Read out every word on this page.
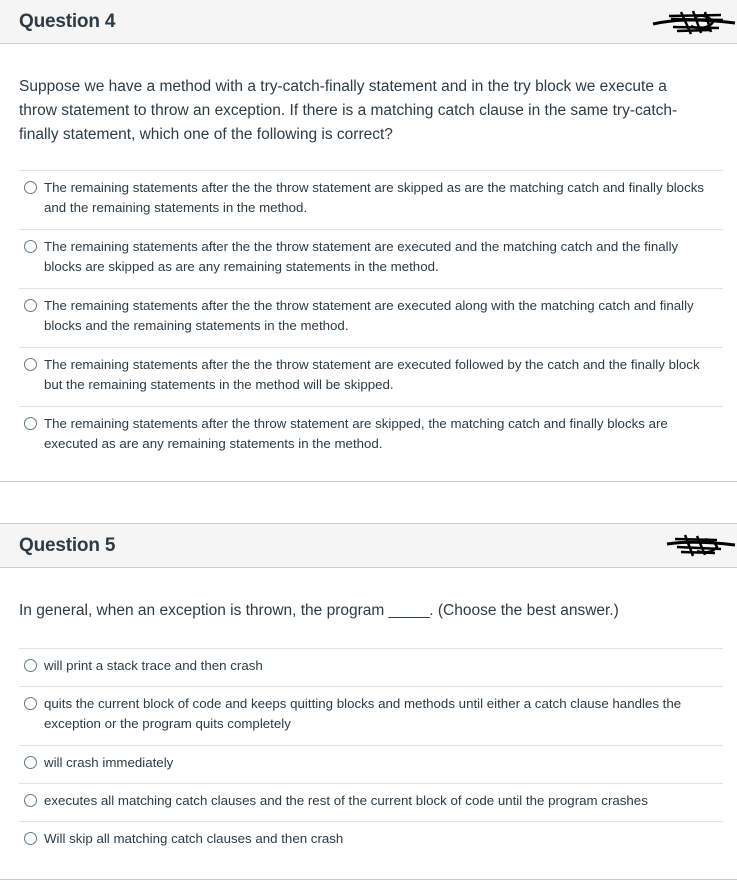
Question 4
Suppose we have a method with a try-catch-finally statement and in the try block we execute a throw statement to throw an exception. If there is a matching catch clause in the same try-catch-finally statement, which one of the following is correct?
The remaining statements after the the throw statement are skipped as are the matching catch and finally blocks and the remaining statements in the method.
The remaining statements after the the throw statement are executed and the matching catch and the finally blocks are skipped as are any remaining statements in the method.
The remaining statements after the the throw statement are executed along with the matching catch and finally blocks and the remaining statements in the method.
The remaining statements after the the throw statement are executed followed by the catch and the finally block but the remaining statements in the method will be skipped.
The remaining statements after the throw statement are skipped, the matching catch and finally blocks are executed as are any remaining statements in the method.
Question 5
In general, when an exception is thrown, the program _____. (Choose the best answer.)
will print a stack trace and then crash
quits the current block of code and keeps quitting blocks and methods until either a catch clause handles the exception or the program quits completely
will crash immediately
executes all matching catch clauses and the rest of the current block of code until the program crashes
Will skip all matching catch clauses and then crash
